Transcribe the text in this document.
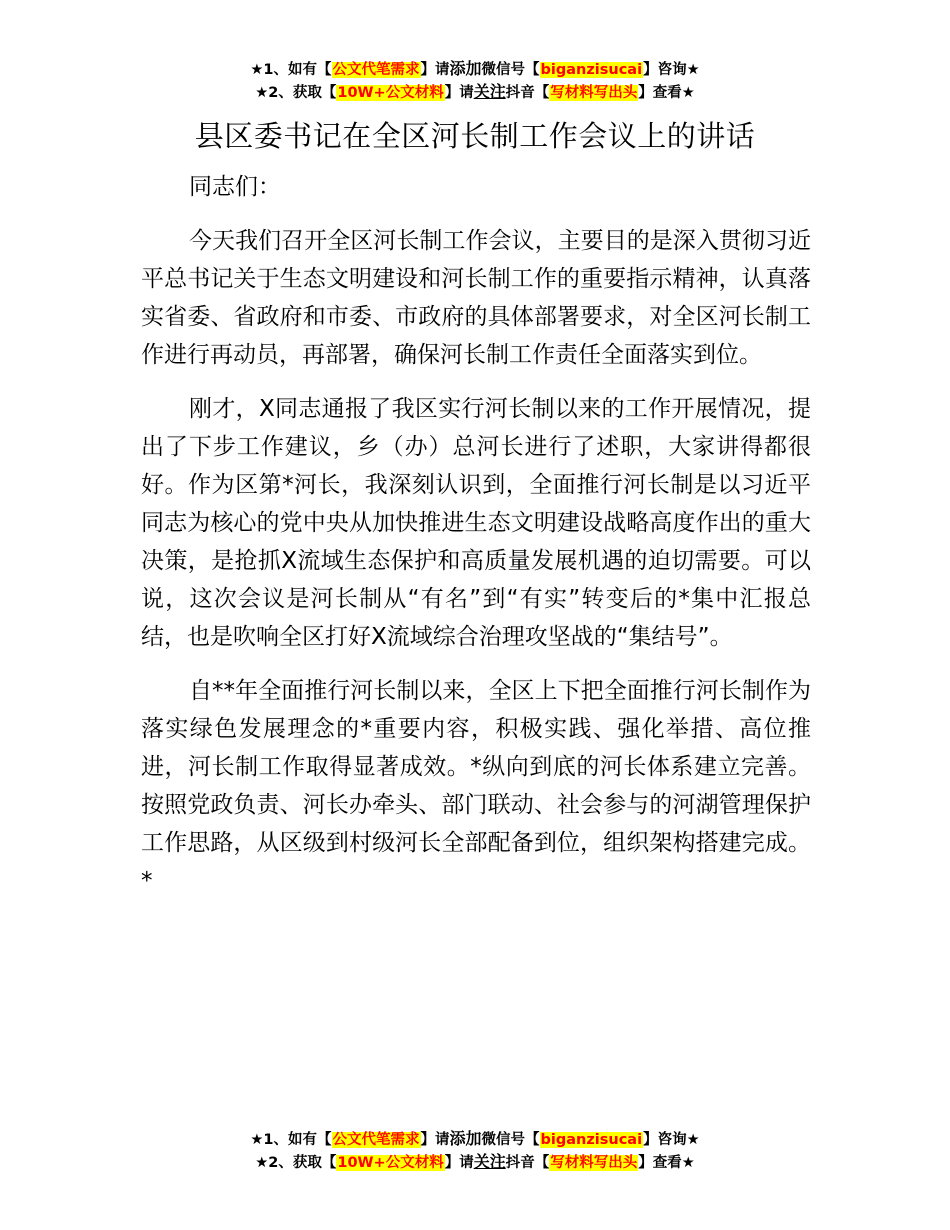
★1、如有【公文代笔需求】请添加微信号【biganzisucai】咨询★
★2、获取【10W+公文材料】请关注抖音【写材料写出头】查看★
县区委书记在全区河长制工作会议上的讲话

同志们：

今天我们召开全区河长制工作会议，主要目的是深入贯彻习近平总书记关于生态文明建设和河长制工作的重要指示精神，认真落实省委、省政府和市委、市政府的具体部署要求，对全区河长制工作进行再动员，再部署，确保河长制工作责任全面落实到位。

刚才，X同志通报了我区实行河长制以来的工作开展情况，提出了下步工作建议，乡（办）总河长进行了述职，大家讲得都很好。作为区第*河长，我深刻认识到，全面推行河长制是以习近平同志为核心的党中央从加快推进生态文明建设战略高度作出的重大决策，是抢抓X流域生态保护和高质量发展机遇的迫切需要。可以说，这次会议是河长制从“有名”到“有实”转变后的*集中汇报总结，也是吹响全区打好X流域综合治理攻坚战的“集结号”。

自**年全面推行河长制以来，全区上下把全面推行河长制作为落实绿色发展理念的*重要内容，积极实践、强化举措、高位推进，河长制工作取得显著成效。*纵向到底的河长体系建立完善。按照党政负责、河长办牵头、部门联动、社会参与的河湖管理保护工作思路，从区级到村级河长全部配备到位，组织架构搭建完成。*

★1、如有【公文代笔需求】请添加微信号【biganzisucai】咨询★
★2、获取【10W+公文材料】请关注抖音【写材料写出头】查看★
